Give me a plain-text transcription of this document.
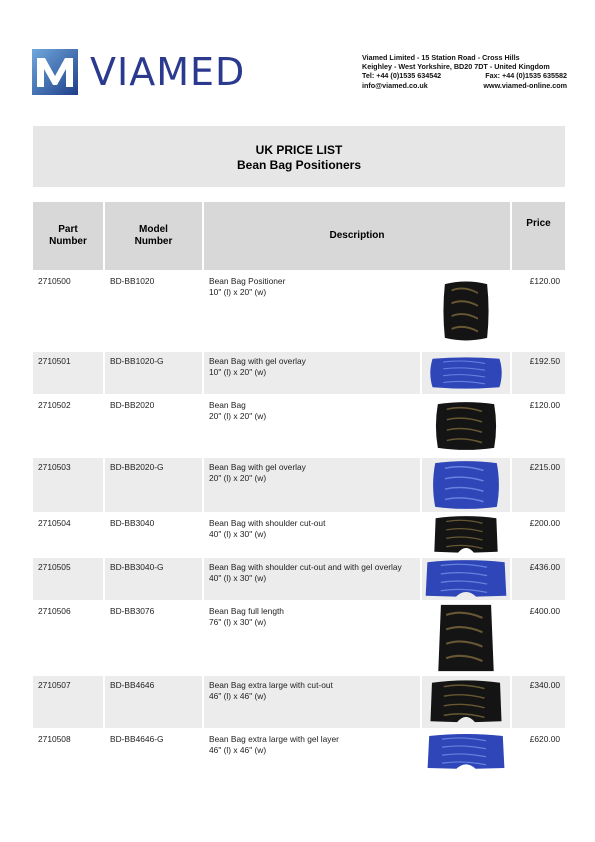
VIAMED	Viamed Limited - 15 Station Road - Cross Hills
Keighley - West Yorkshire, BD20 7DT - United Kingdom
Tel: +44 (0)1535 634542	Fax: +44 (0)1535 635582
info@viamed.co.uk	www.viamed-online.com
UK PRICE LIST
Bean Bag Positioners
Part Number	Model Number	Description		Price
2710500	BD-BB1020	Bean Bag Positioner
10" (l) x 20" (w)		£120.00
2710501	BD-BB1020-G	Bean Bag with gel overlay
10" (l) x 20" (w)		£192.50
2710502	BD-BB2020	Bean Bag
20" (l) x 20" (w)		£120.00
2710503	BD-BB2020-G	Bean Bag with gel overlay
20" (l) x 20" (w)		£215.00
2710504	BD-BB3040	Bean Bag with shoulder cut-out
40" (l) x 30" (w)		£200.00
2710505	BD-BB3040-G	Bean Bag with shoulder cut-out and with gel overlay
40" (l) x 30" (w)		£436.00
2710506	BD-BB3076	Bean Bag full length
76" (l) x 30" (w)		£400.00
2710507	BD-BB4646	Bean Bag extra large with cut-out
46" (l) x 46" (w)		£340.00
2710508	BD-BB4646-G	Bean Bag extra large with gel layer
46" (l) x 46" (w)		£620.00
